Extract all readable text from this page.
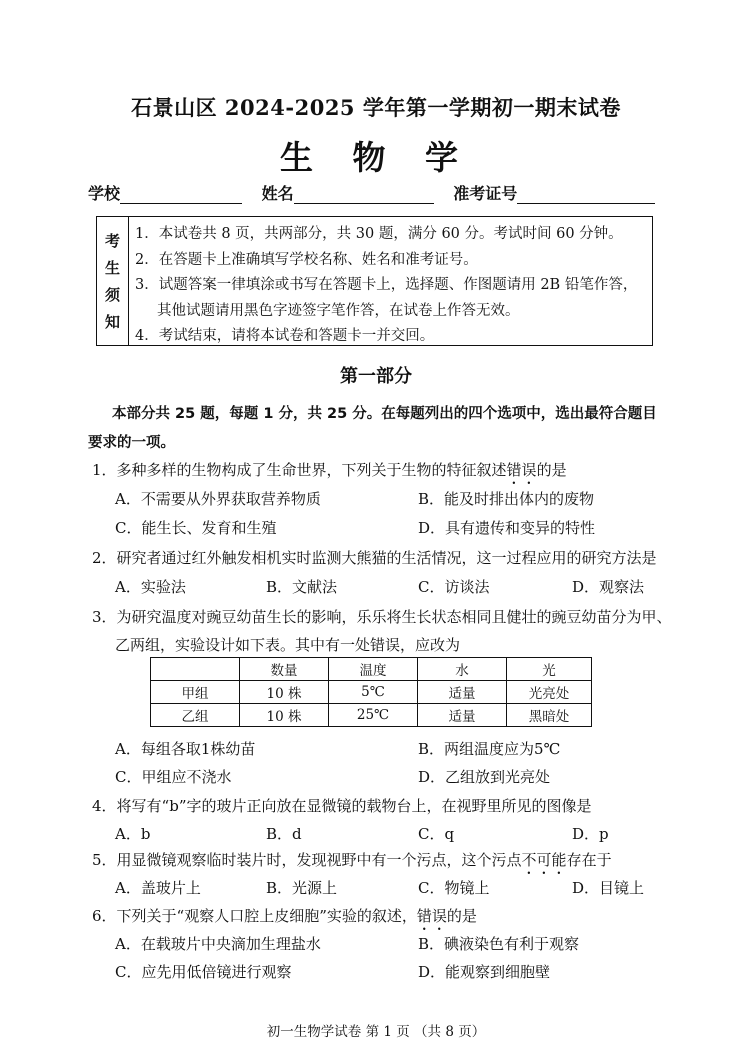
石景山区 2024-2025 学年第一学期初一期末试卷
生 物 学
学校	姓名	准考证号
考
生
须
知
1．本试卷共 8 页，共两部分，共 30 题，满分 60 分。考试时间 60 分钟。
2．在答题卡上准确填写学校名称、姓名和准考证号。
3．试题答案一律填涂或书写在答题卡上，选择题、作图题请用 2B 铅笔作答，
其他试题请用黑色字迹签字笔作答，在试卷上作答无效。
4．考试结束，请将本试卷和答题卡一并交回。
第一部分
本部分共 25 题，每题 1 分，共 25 分。在每题列出的四个选项中，选出最符合题目
要求的一项。
1．多种多样的生物构成了生命世界，下列关于生物的特征叙述错误的是
A．不需要从外界获取营养物质	B．能及时排出体内的废物
C．能生长、发育和生殖	D．具有遗传和变异的特性
2．研究者通过红外触发相机实时监测大熊猫的生活情况，这一过程应用的研究方法是
A．实验法	B．文献法	C．访谈法	D．观察法
3．为研究温度对豌豆幼苗生长的影响，乐乐将生长状态相同且健壮的豌豆幼苗分为甲、
乙两组，实验设计如下表。其中有一处错误，应改为
	数量	温度	水	光
甲组	10 株	5℃	适量	光亮处
乙组	10 株	25℃	适量	黑暗处
A．每组各取1株幼苗	B．两组温度应为5℃
C．甲组应不浇水	D．乙组放到光亮处
4．将写有“b”字的玻片正向放在显微镜的载物台上，在视野里所见的图像是
A．b	B．d	C．q	D．p
5．用显微镜观察临时装片时，发现视野中有一个污点，这个污点不可能存在于
A．盖玻片上	B．光源上	C．物镜上	D．目镜上
6．下列关于“观察人口腔上皮细胞”实验的叙述，错误的是
A．在载玻片中央滴加生理盐水	B．碘液染色有利于观察
C．应先用低倍镜进行观察	D．能观察到细胞壁
初一生物学试卷 第 1 页 （共 8 页）
